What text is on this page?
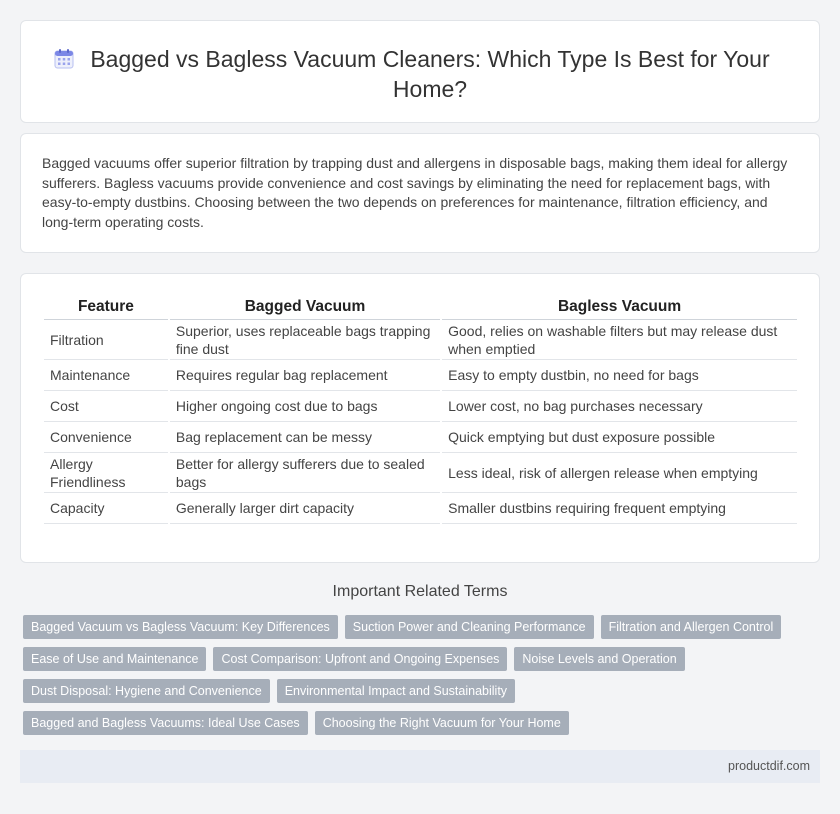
Bagged vs Bagless Vacuum Cleaners: Which Type Is Best for Your Home?

Bagged vacuums offer superior filtration by trapping dust and allergens in disposable bags, making them ideal for allergy sufferers. Bagless vacuums provide convenience and cost savings by eliminating the need for replacement bags, with easy-to-empty dustbins. Choosing between the two depends on preferences for maintenance, filtration efficiency, and long-term operating costs.

Feature	Bagged Vacuum	Bagless Vacuum
Filtration	Superior, uses replaceable bags trapping fine dust	Good, relies on washable filters but may release dust when emptied
Maintenance	Requires regular bag replacement	Easy to empty dustbin, no need for bags
Cost	Higher ongoing cost due to bags	Lower cost, no bag purchases necessary
Convenience	Bag replacement can be messy	Quick emptying but dust exposure possible
Allergy Friendliness	Better for allergy sufferers due to sealed bags	Less ideal, risk of allergen release when emptying
Capacity	Generally larger dirt capacity	Smaller dustbins requiring frequent emptying
Important Related Terms
Bagged Vacuum vs Bagless Vacuum: Key Differences	Suction Power and Cleaning Performance	Filtration and Allergen Control
Ease of Use and Maintenance	Cost Comparison: Upfront and Ongoing Expenses	Noise Levels and Operation
Dust Disposal: Hygiene and Convenience	Environmental Impact and Sustainability
Bagged and Bagless Vacuums: Ideal Use Cases	Choosing the Right Vacuum for Your Home
productdif.com
